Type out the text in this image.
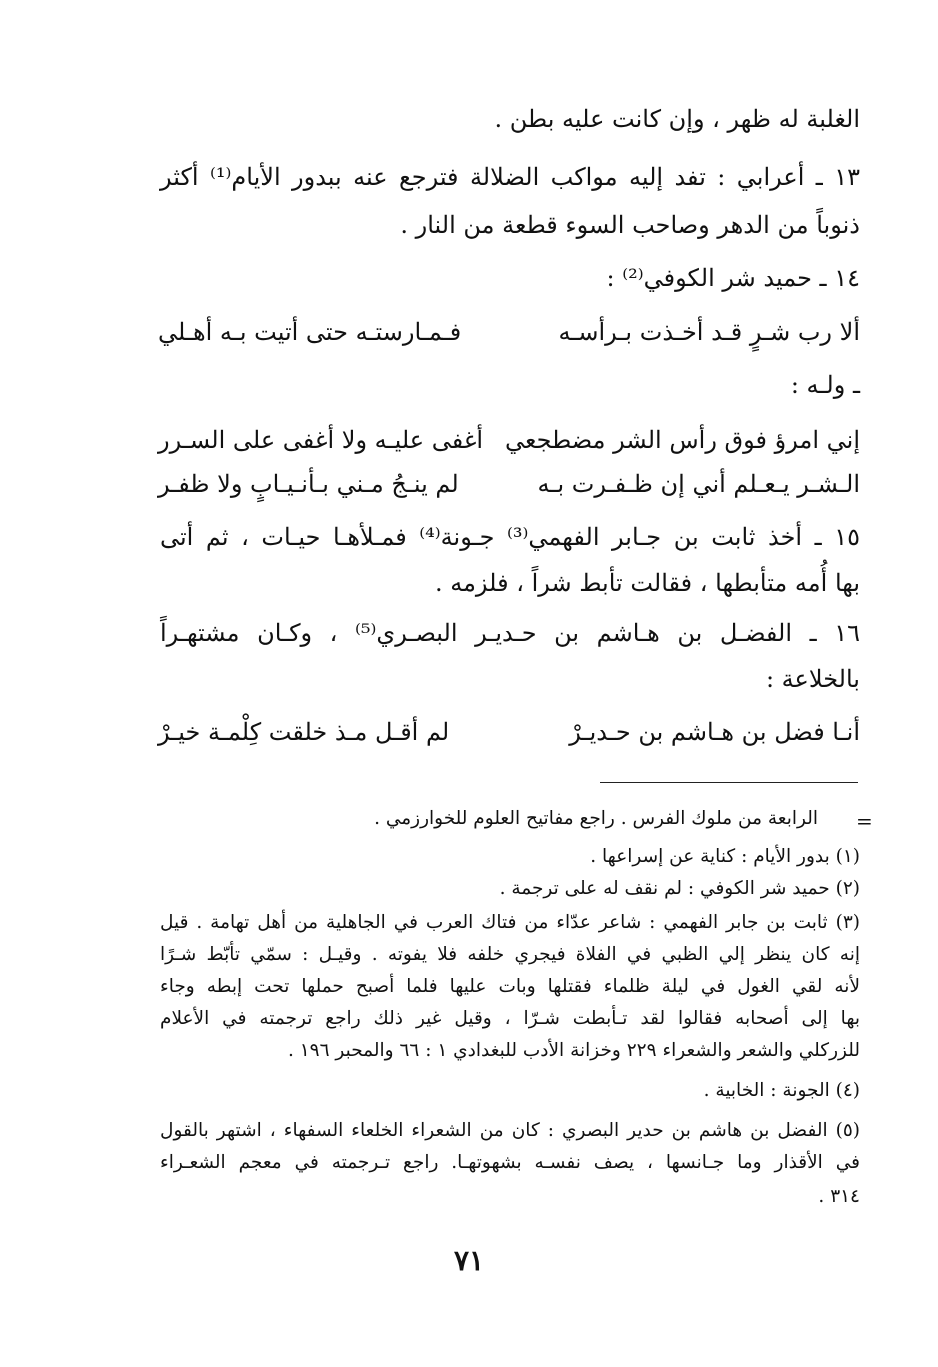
الغلبة له ظهر ، وإن كانت عليه بطن .
١٣ ـ أعرابي : تفد إليه مواكب الضلالة فترجع عنه ببدور الأيام⁽¹⁾ أكثر
ذنوباً من الدهر وصاحب السوء قطعة من النار .
١٤ ـ حميد شر الكوفي⁽²⁾ :
ألا رب شـرٍ قـد أخـذت بـرأسـه
فـمـارستـه حتى أتيت بـه أهـلي
ـ ولـه :
إني امرؤ فوق رأس الشر مضطجعي
أغفى عليـه ولا أغفى على السـرر
الـشـر يـعـلم أني إن ظـفـرت بـه
لم ينـجُ مـني بـأنـيـابٍ ولا ظفـر
١٥ ـ أخذ ثابت بن جـابر الفهمي⁽³⁾ جـونة⁽⁴⁾ فمـلأهـا حيـات ، ثم أتى
بها أُمه متأبطها ، فقالت تأبط شراً ، فلزمه .
١٦ ـ الفضـل بن هـاشم بن حـديـر البصـري⁽⁵⁾ ، وكـان مشتهـراً
بالخلاعة :
أنـا فضل بن هـاشم بن حـديـرْ
لم أقـل مـذ خلقت كِلْمـة خيـرْ
=
الرابعة من ملوك الفرس . راجع مفاتيح العلوم للخوارزمي .
(١) بدور الأيام : كناية عن إسراعها .
(٢) حميد شر الكوفي : لم نقف له على ترجمة .
(٣) ثابت بن جابر الفهمي : شاعر عدّاء من فتاك العرب في الجاهلية من أهل تهامة . قيل
إنه كان ينظر إلي الظبي في الفلاة فيجري خلفه فلا يفوته . وقيـل : سمّي تأبّط شـرًا
لأنه لقي الغول في ليلة ظلماء فقتلها وبات عليها فلما أصبح حملها تحت إبطه وجاء
بها إلى أصحابه فقالوا لقد تـأبطت شـرّا ، وقيل غير ذلك راجع ترجمته في الأعلام
للزركلي والشعر والشعراء ٢٢٩ وخزانة الأدب للبغدادي ١ : ٦٦ والمحبر ١٩٦ .
(٤) الجونة : الخابية .
(٥) الفضل بن هاشم بن حدير البصري : كان من الشعراء الخلعاء السفهاء ، اشتهر بالقول
في الأقذار وما جـانسها ، يصف نفسـه بشهوتهـا. راجع تـرجمته في معجم الشعـراء
٣١٤ .
٧١
